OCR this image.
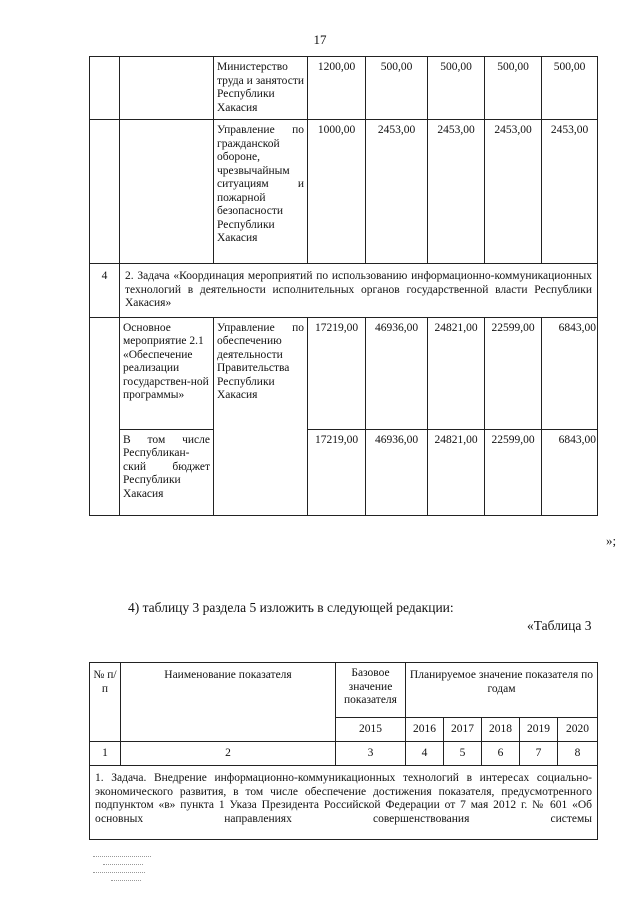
17
		Министерство труда и занятости Республики Хакасия	1200,00	500,00	500,00	500,00	500,00
		Управление по гражданской обороне, чрезвычайным ситуациям и пожарной безопасности Республики Хакасия	1000,00	2453,00	2453,00	2453,00	2453,00
4	2. Задача «Координация мероприятий по использованию информационно-коммуникационных технологий в деятельности исполнительных органов государственной власти Республики Хакасия»						
	Основное мероприятие 2.1 «Обеспечение реализации государствен-ной программы»	Управление по обеспечению деятельности Правительства Республики Хакасия	17219,00	46936,00	24821,00	22599,00	6843,00
	В том числе Республикан-ский бюджет Республики Хакасия		17219,00	46936,00	24821,00	22599,00	6843,00
»;
4) таблицу 3 раздела 5 изложить в следующей редакции:
«Таблица 3
№ п/п	Наименование показателя	Базовое значение показателя	Планируемое значение показателя по годам				
		2015	2016	2017	2018	2019	2020
1	2	3	4	5	6	7	8
1. Задача. Внедрение информационно-коммуникационных технологий в интересах социально-экономического развития, в том числе обеспечение достижения показателя, предусмотренного подпунктом «в» пункта 1 Указа Президента Российской Федерации от 7 мая 2012 г. № 601 «Об основных направлениях совершенствования системы							
